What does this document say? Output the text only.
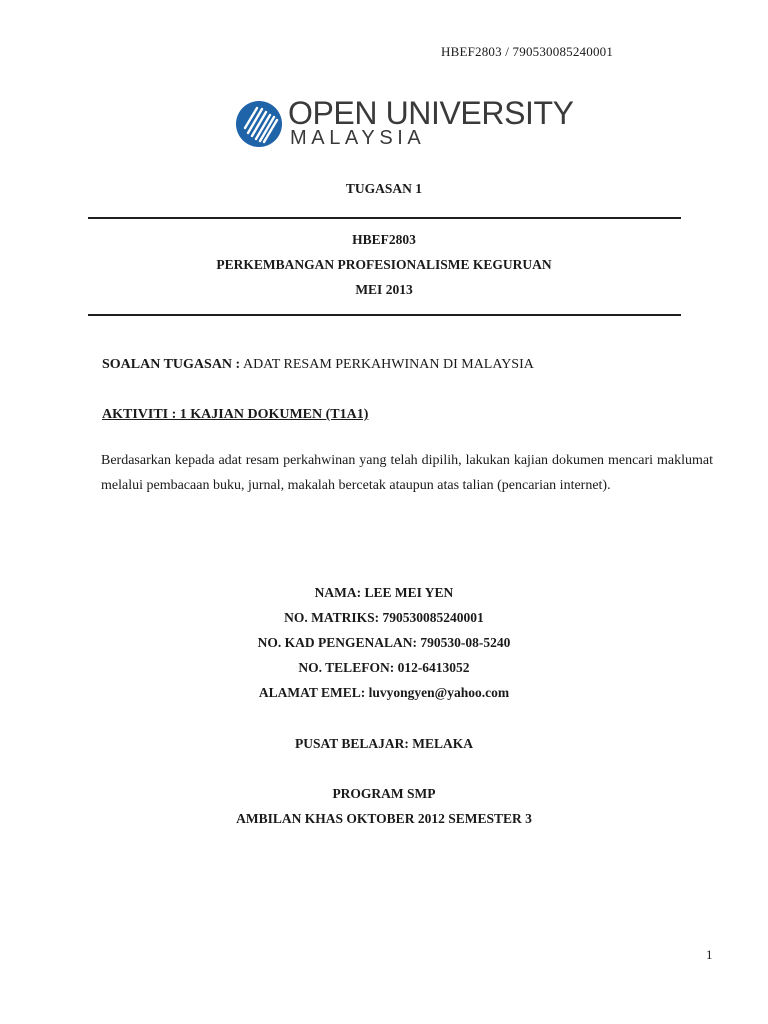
HBEF2803 / 790530085240001
OPEN UNIVERSITY
MALAYSIA
TUGASAN 1
HBEF2803
PERKEMBANGAN PROFESIONALISME KEGURUAN
MEI 2013
SOALAN TUGASAN : ADAT RESAM PERKAHWINAN DI MALAYSIA
AKTIVITI : 1 KAJIAN DOKUMEN (T1A1)
Berdasarkan kepada adat resam perkahwinan yang telah dipilih, lakukan kajian dokumen mencari maklumat melalui pembacaan buku, jurnal, makalah bercetak ataupun atas talian (pencarian internet).
NAMA: LEE MEI YEN
NO. MATRIKS: 790530085240001
NO. KAD PENGENALAN: 790530-08-5240
NO. TELEFON: 012-6413052
ALAMAT EMEL: luvyongyen@yahoo.com
PUSAT BELAJAR: MELAKA
PROGRAM SMP
AMBILAN KHAS OKTOBER 2012 SEMESTER 3
1
